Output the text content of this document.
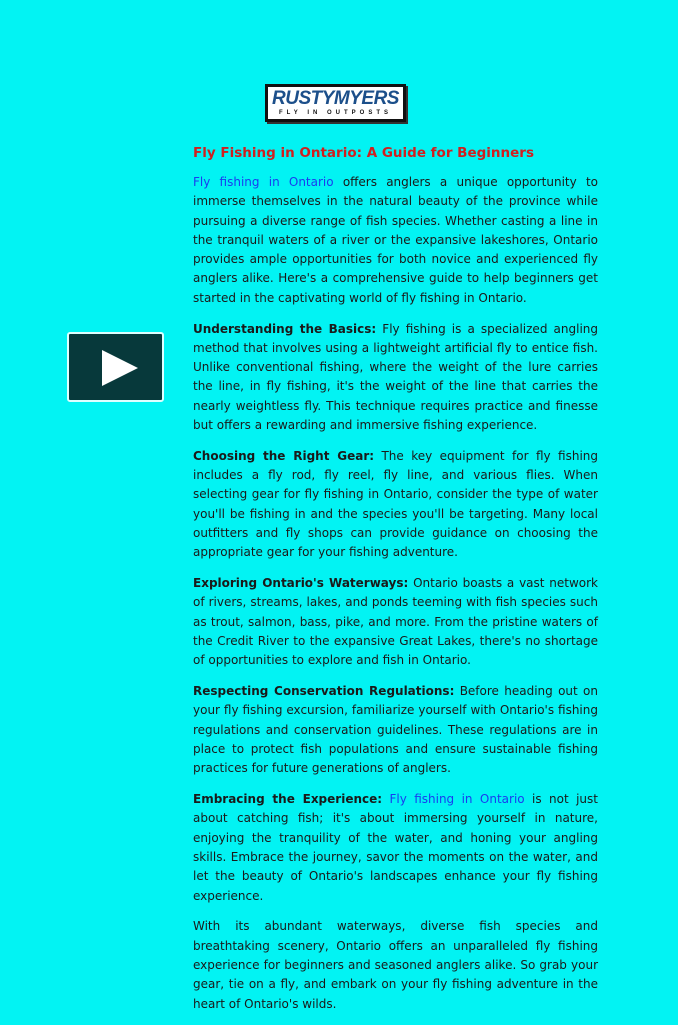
RUSTYMYERS
FLY IN OUTPOSTS
Fly Fishing in Ontario: A Guide for Beginners

Fly fishing in Ontario offers anglers a unique opportunity to immerse themselves in the natural beauty of the province while pursuing a diverse range of fish species. Whether casting a line in the tranquil waters of a river or the expansive lakeshores, Ontario provides ample opportunities for both novice and experienced fly anglers alike. Here's a comprehensive guide to help beginners get started in the captivating world of fly fishing in Ontario.

Understanding the Basics: Fly fishing is a specialized angling method that involves using a lightweight artificial fly to entice fish. Unlike conventional fishing, where the weight of the lure carries the line, in fly fishing, it's the weight of the line that carries the nearly weightless fly. This technique requires practice and finesse but offers a rewarding and immersive fishing experience.

Choosing the Right Gear: The key equipment for fly fishing includes a fly rod, fly reel, fly line, and various flies. When selecting gear for fly fishing in Ontario, consider the type of water you'll be fishing in and the species you'll be targeting. Many local outfitters and fly shops can provide guidance on choosing the appropriate gear for your fishing adventure.

Exploring Ontario's Waterways: Ontario boasts a vast network of rivers, streams, lakes, and ponds teeming with fish species such as trout, salmon, bass, pike, and more. From the pristine waters of the Credit River to the expansive Great Lakes, there's no shortage of opportunities to explore and fish in Ontario.

Respecting Conservation Regulations: Before heading out on your fly fishing excursion, familiarize yourself with Ontario's fishing regulations and conservation guidelines. These regulations are in place to protect fish populations and ensure sustainable fishing practices for future generations of anglers.

Embracing the Experience: Fly fishing in Ontario is not just about catching fish; it's about immersing yourself in nature, enjoying the tranquility of the water, and honing your angling skills. Embrace the journey, savor the moments on the water, and let the beauty of Ontario's landscapes enhance your fly fishing experience.

With its abundant waterways, diverse fish species and breathtaking scenery, Ontario offers an unparalleled fly fishing experience for beginners and seasoned anglers alike. So grab your gear, tie on a fly, and embark on your fly fishing adventure in the heart of Ontario's wilds.
